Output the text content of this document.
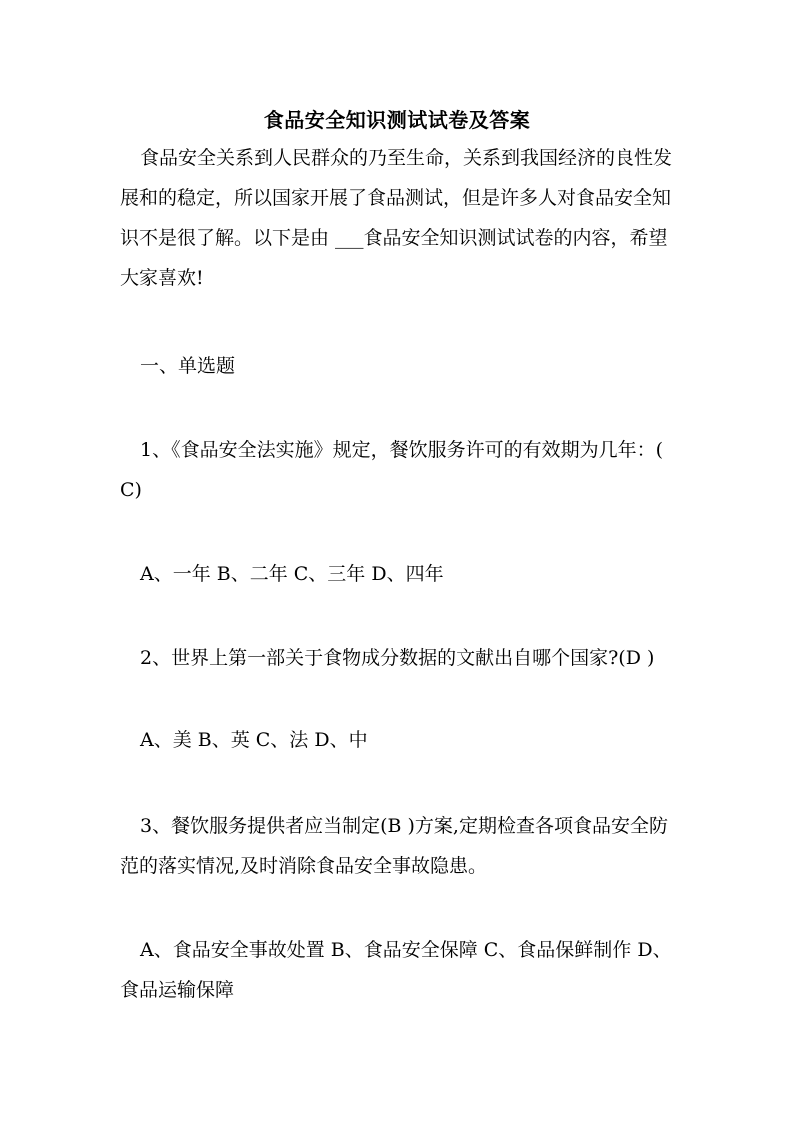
食品安全知识测试试卷及答案

食品安全关系到人民群众的乃至生命，关系到我国经济的良性发展和的稳定，所以国家开展了食品测试，但是许多人对食品安全知识不是很了解。以下是由 ___食品安全知识测试试卷的内容，希望大家喜欢!

一、单选题

1、《食品安全法实施》规定，餐饮服务许可的有效期为几年：( C)

A、一年 B、二年 C、三年 D、四年
2、世界上第一部关于食物成分数据的文献出自哪个国家?(D )
A、美 B、英 C、法 D、中

3、餐饮服务提供者应当制定(B )方案,定期检查各项食品安全防范的落实情况,及时消除食品安全事故隐患。

A、食品安全事故处置 B、食品安全保障 C、食品保鲜制作 D、食品运输保障
